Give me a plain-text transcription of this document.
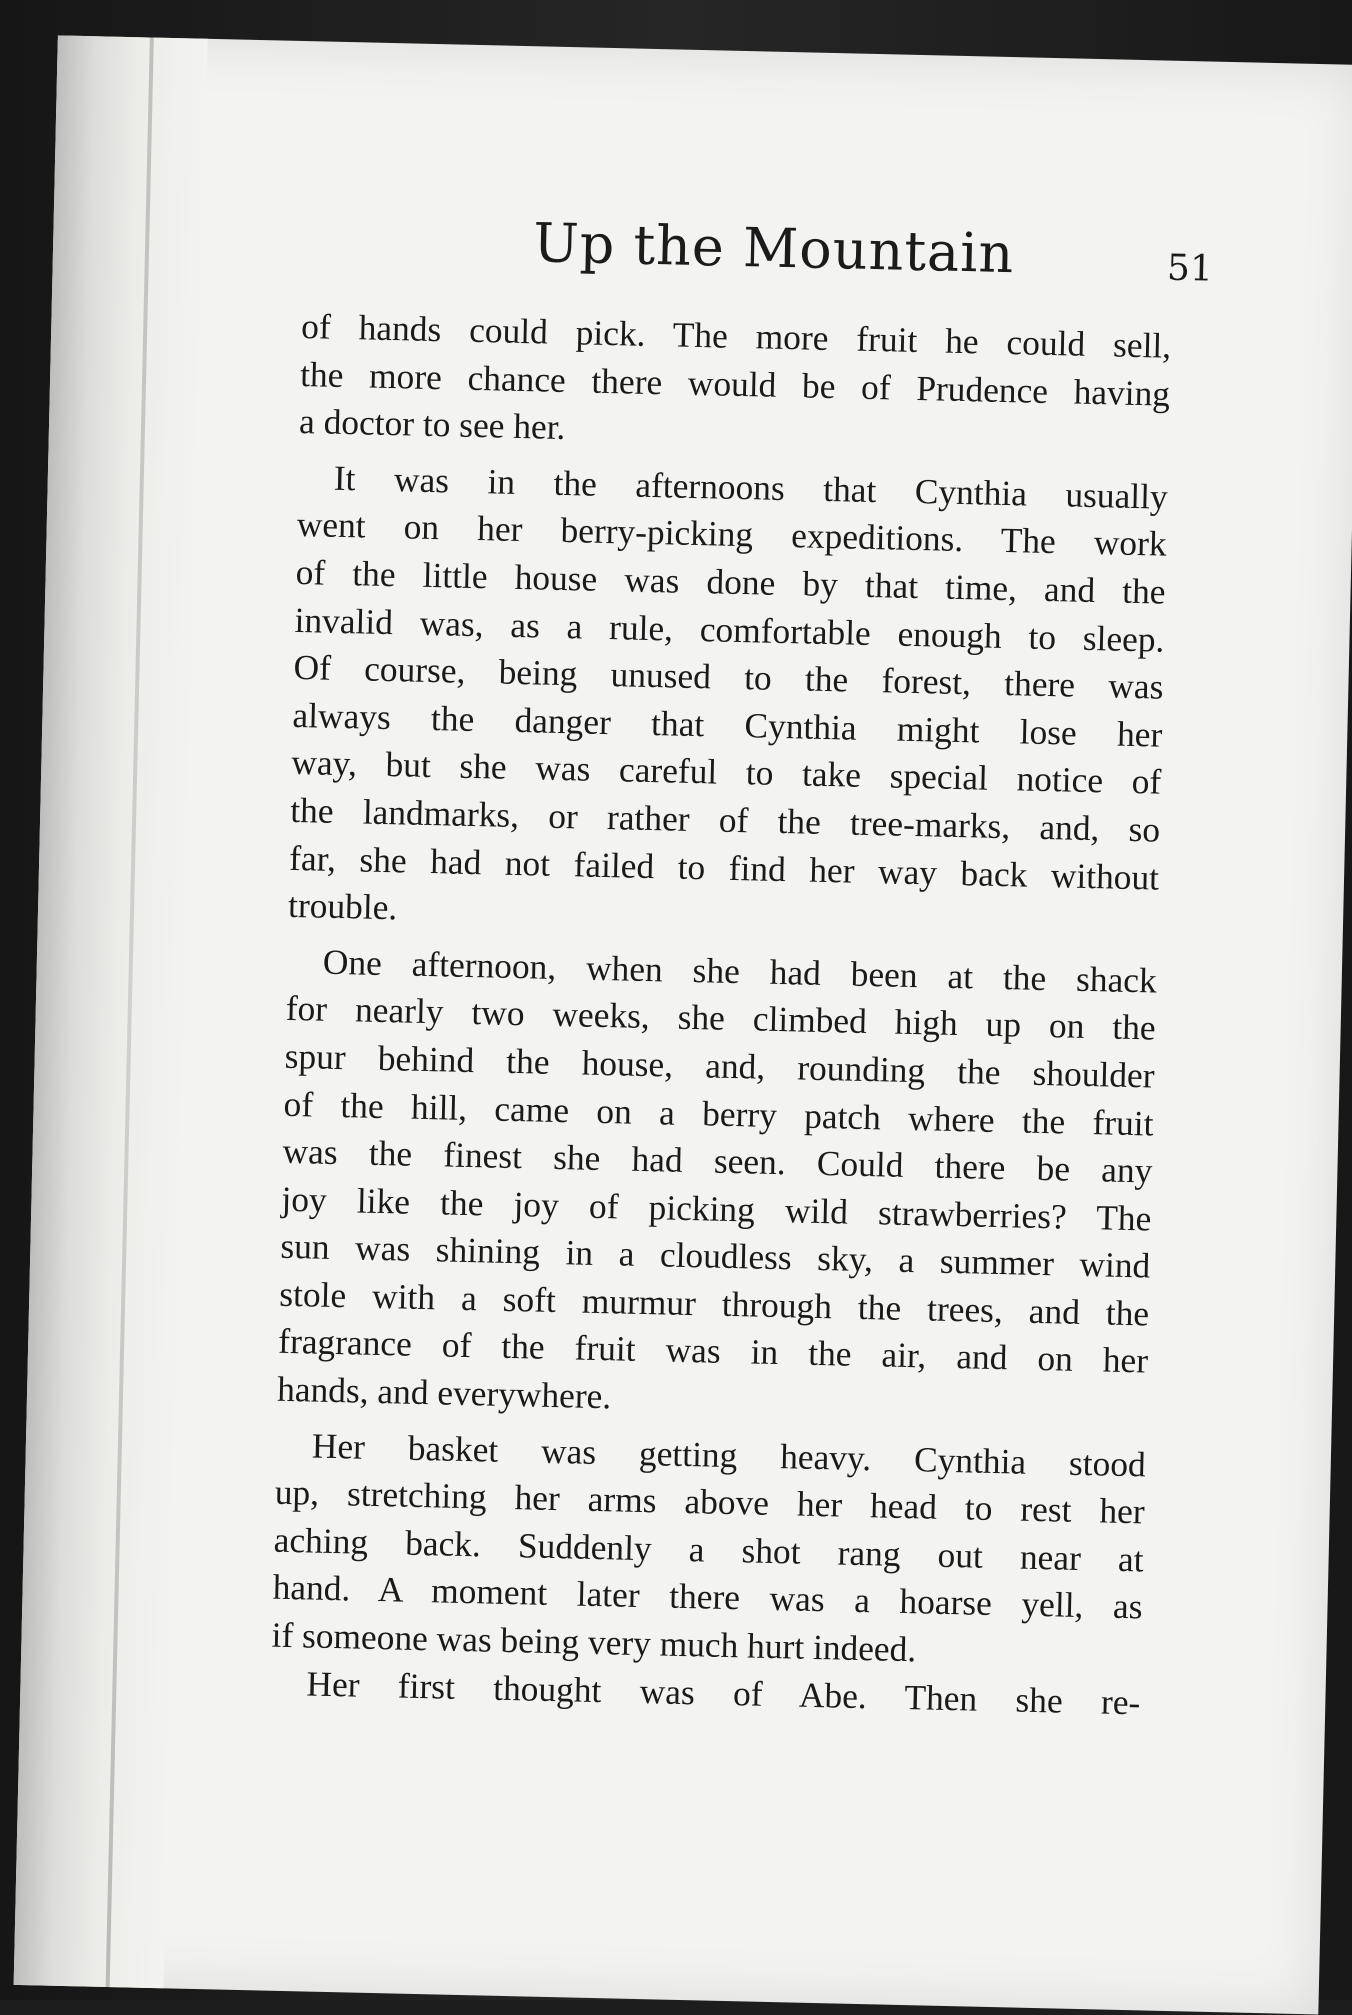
Up the Mountain	51
of hands could pick. The more fruit he could sell,
the more chance there would be of Prudence having
a doctor to see her.
It was in the afternoons that Cynthia usually
went on her berry-picking expeditions. The work
of the little house was done by that time, and the
invalid was, as a rule, comfortable enough to sleep.
Of course, being unused to the forest, there was
always the danger that Cynthia might lose her
way, but she was careful to take special notice of
the landmarks, or rather of the tree-marks, and, so
far, she had not failed to find her way back without
trouble.
One afternoon, when she had been at the shack
for nearly two weeks, she climbed high up on the
spur behind the house, and, rounding the shoulder
of the hill, came on a berry patch where the fruit
was the finest she had seen. Could there be any
joy like the joy of picking wild strawberries? The
sun was shining in a cloudless sky, a summer wind
stole with a soft murmur through the trees, and the
fragrance of the fruit was in the air, and on her
hands, and everywhere.
Her basket was getting heavy. Cynthia stood
up, stretching her arms above her head to rest her
aching back. Suddenly a shot rang out near at
hand. A moment later there was a hoarse yell, as
if someone was being very much hurt indeed.
Her first thought was of Abe. Then she re-
